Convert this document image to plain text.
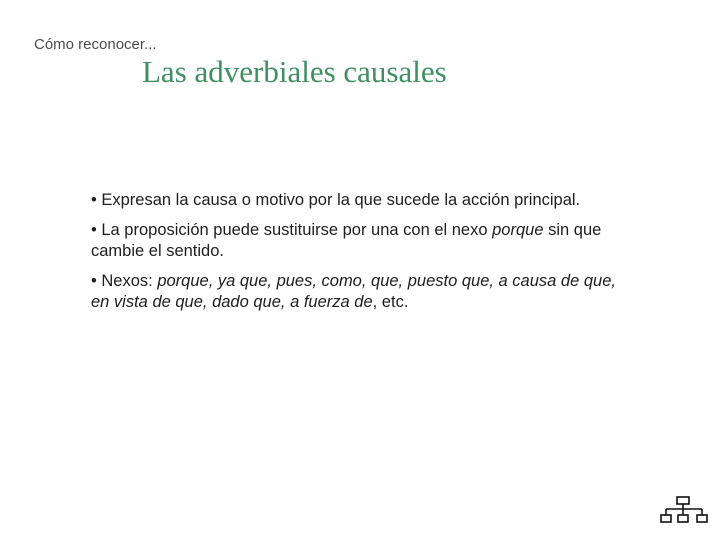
Cómo reconocer...
Las adverbiales causales

• Expresan la causa o motivo por la que sucede la acción principal.

• La proposición puede sustituirse por una con el nexo porque sin que cambie el sentido.

• Nexos: porque, ya que, pues, como, que, puesto que, a causa de que, en vista de que, dado que, a fuerza de, etc.
